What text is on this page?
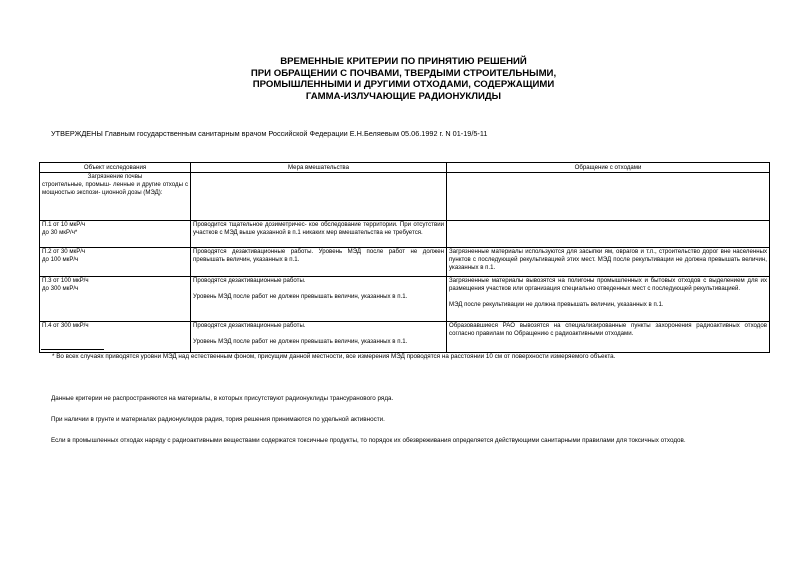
ВРЕМЕННЫЕ КРИТЕРИИ ПО ПРИНЯТИЮ РЕШЕНИЙ
ПРИ ОБРАЩЕНИИ С ПОЧВАМИ, ТВЕРДЫМИ СТРОИТЕЛЬНЫМИ,
ПРОМЫШЛЕННЫМИ И ДРУГИМИ ОТХОДАМИ, СОДЕРЖАЩИМИ
ГАММА-ИЗЛУЧАЮЩИЕ РАДИОНУКЛИДЫ
УТВЕРЖДЕНЫ Главным государственным санитарным врачом Российской Федерации Е.Н.Беляевым 05.06.1992 г. N 01-19/5-11
Объект исследования	Мера вмешательства	Обращение с отходами

Загрязнение почвы
строительные, промыш- ленные и другие отходы с мощностью экспози- ционной дозы (МЭД):		

П.1 от 10 мкР/ч
до 30 мкР/ч*	Проводится тщательное дозиметричес- кое обследование территории. При отсутствии участков с МЭД выше указанной в п.1 никаких мер вмешательства не требуется.	

П.2 от 30 мкР/ч
до 100 мкР/ч	Проводятся дезактивационные работы. Уровень МЭД после работ не должен превышать величин, указанных в п.1.	Загрязненные материалы используются для засыпки ям, оврагов и т.п., строительство дорог вне населенных пунктов с последующей рекультивацией этих мест. МЭД после рекультивации не должна превышать величин, указанных в п.1.

П.3 от 100 мкР/ч
до 300 мкР/ч	Проводятся дезактивационные работы.
Уровень МЭД после работ не должен превышать величин, указанных в п.1.	Загрязненные материалы вывозятся на полигоны промышленных и бытовых отходов с выделением для их размещения участков или организация специально отведенных мест с последующей рекультивацией.
МЭД после рекультивации не должна превышать величин, указанных в п.1.

П.4 от 300 мкР/ч	Проводятся дезактивационные работы.
Уровень МЭД после работ не должен превышать величин, указанных в п.1.	Образовавшиеся РАО вывозятся на специализированные пункты захоронения радиоактивных отходов согласно правилам по Обращению с радиоактивными отходами.
* Во всех случаях приводятся уровни МЭД над естественным фоном, присущим данной местности, все измерения МЭД проводятся на расстоянии 10 см от поверхности измеряемого объекта.
Данные критерии не распространяются на материалы, в которых присутствуют радионуклиды трансуранового ряда.
При наличии в грунте и материалах радионуклидов радия, тория решения принимаются по удельной активности.
Если в промышленных отходах наряду с радиоактивными веществами содержатся токсичные продукты, то порядок их обезвреживания определяется действующими санитарными правилами для токсичных отходов.
